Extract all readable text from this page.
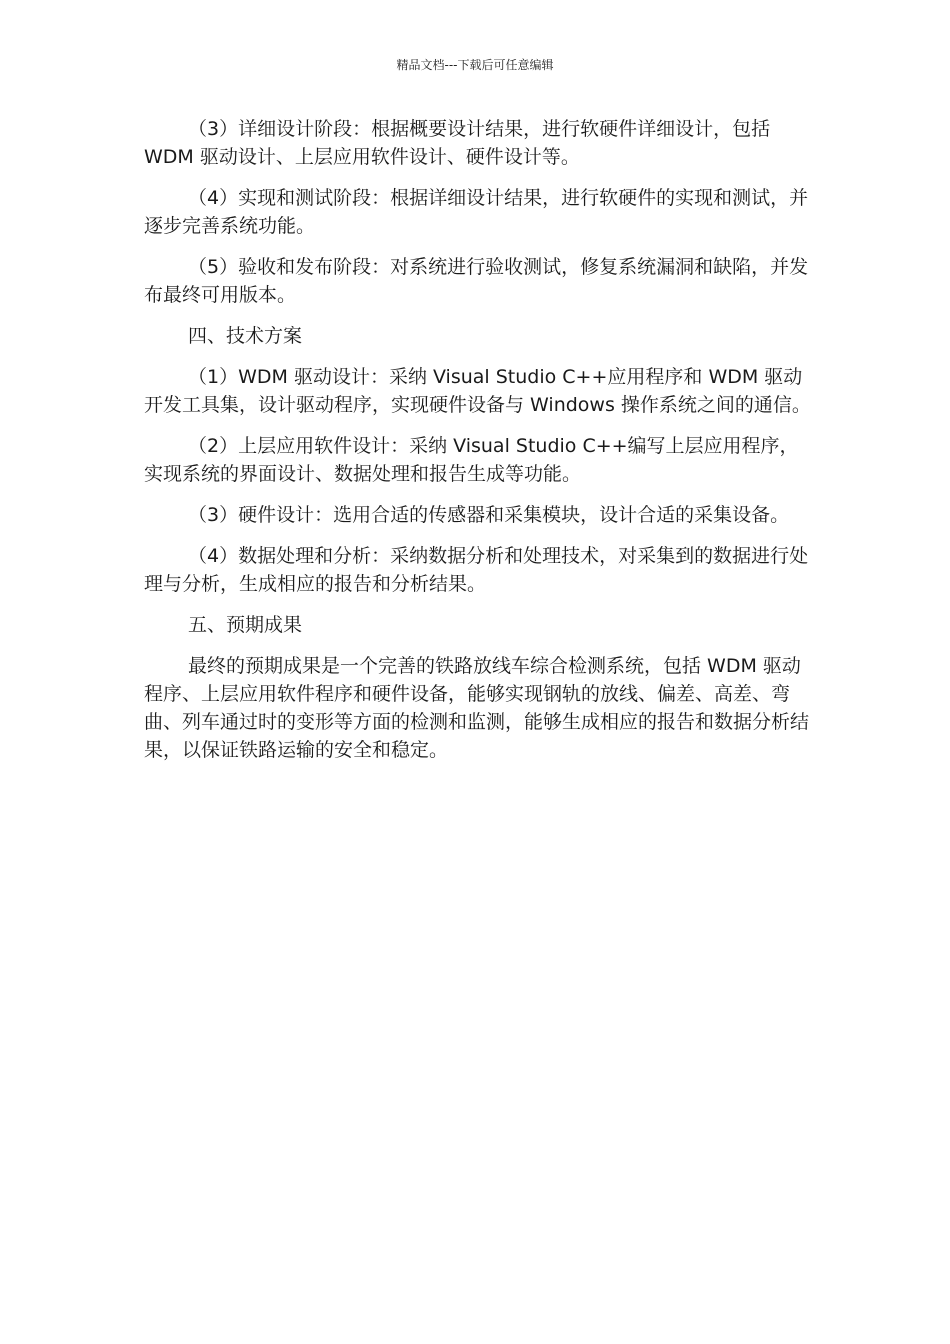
精品文档---下载后可任意编辑

（3）详细设计阶段：根据概要设计结果，进行软硬件详细设计，包括 WDM 驱动设计、上层应用软件设计、硬件设计等。

（4）实现和测试阶段：根据详细设计结果，进行软硬件的实现和测试，并逐步完善系统功能。

（5）验收和发布阶段：对系统进行验收测试，修复系统漏洞和缺陷，并发布最终可用版本。

四、技术方案

（1）WDM 驱动设计：采纳 Visual Studio C++应用程序和 WDM 驱动开发工具集，设计驱动程序，实现硬件设备与 Windows 操作系统之间的通信。

（2）上层应用软件设计：采纳 Visual Studio C++编写上层应用程序，实现系统的界面设计、数据处理和报告生成等功能。

（3）硬件设计：选用合适的传感器和采集模块，设计合适的采集设备。

（4）数据处理和分析：采纳数据分析和处理技术，对采集到的数据进行处理与分析，生成相应的报告和分析结果。

五、预期成果

最终的预期成果是一个完善的铁路放线车综合检测系统，包括 WDM 驱动程序、上层应用软件程序和硬件设备，能够实现钢轨的放线、偏差、高差、弯曲、列车通过时的变形等方面的检测和监测，能够生成相应的报告和数据分析结果，以保证铁路运输的安全和稳定。
